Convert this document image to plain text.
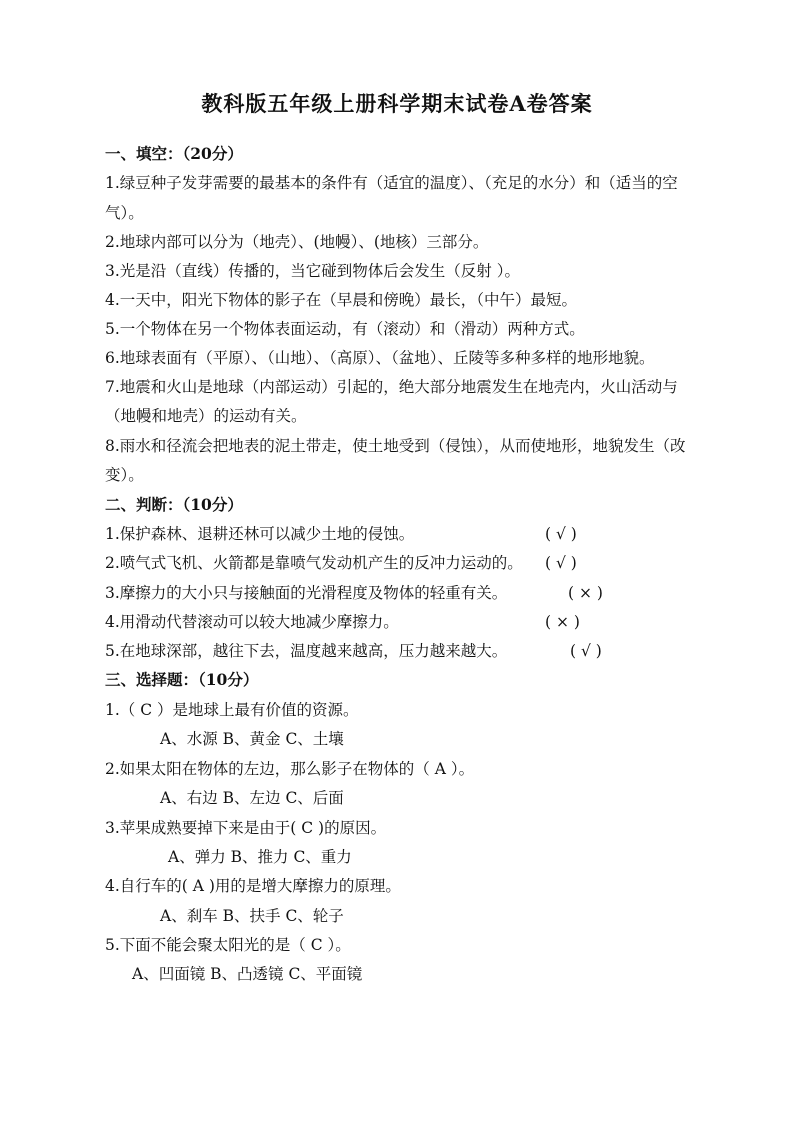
教科版五年级上册科学期末试卷A卷答案
一、填空：（20分）
1.绿豆种子发芽需要的最基本的条件有（适宜的温度）、（充足的水分）和（适当的空
气）。
2.地球内部可以分为（地壳）、(地幔）、(地核）三部分。
3.光是沿（直线）传播的，当它碰到物体后会发生（反射 ）。
4.一天中，阳光下物体的影子在（早晨和傍晚）最长，（中午）最短。
5.一个物体在另一个物体表面运动，有（滚动）和（滑动）两种方式。
6.地球表面有（平原）、（山地）、（高原）、（盆地）、丘陵等多种多样的地形地貌。
7.地震和火山是地球（内部运动）引起的，绝大部分地震发生在地壳内，火山活动与
（地幔和地壳）的运动有关。
8.雨水和径流会把地表的泥土带走，使土地受到（侵蚀），从而使地形，地貌发生（改
变）。
二、判断：（10分）
1.保护森林、退耕还林可以减少土地的侵蚀。	( √ )
2.喷气式飞机、火箭都是靠喷气发动机产生的反冲力运动的。 ( √ )
3.摩擦力的大小只与接触面的光滑程度及物体的轻重有关。	( × )
4.用滑动代替滚动可以较大地减少摩擦力。	( × )
5.在地球深部，越往下去，温度越来越高，压力越来越大。	( √ )
三、选择题：（10分）
1.（ C ）是地球上最有价值的资源。
A、水源 B、黄金 C、土壤
2.如果太阳在物体的左边，那么影子在物体的（ A ）。
A、右边 B、左边 C、后面
3.苹果成熟要掉下来是由于( C )的原因。
A、弹力 B、推力 C、重力
4.自行车的( A )用的是增大摩擦力的原理。
A、刹车 B、扶手 C、轮子
5.下面不能会聚太阳光的是（ C ）。
A、凹面镜 B、凸透镜 C、平面镜
